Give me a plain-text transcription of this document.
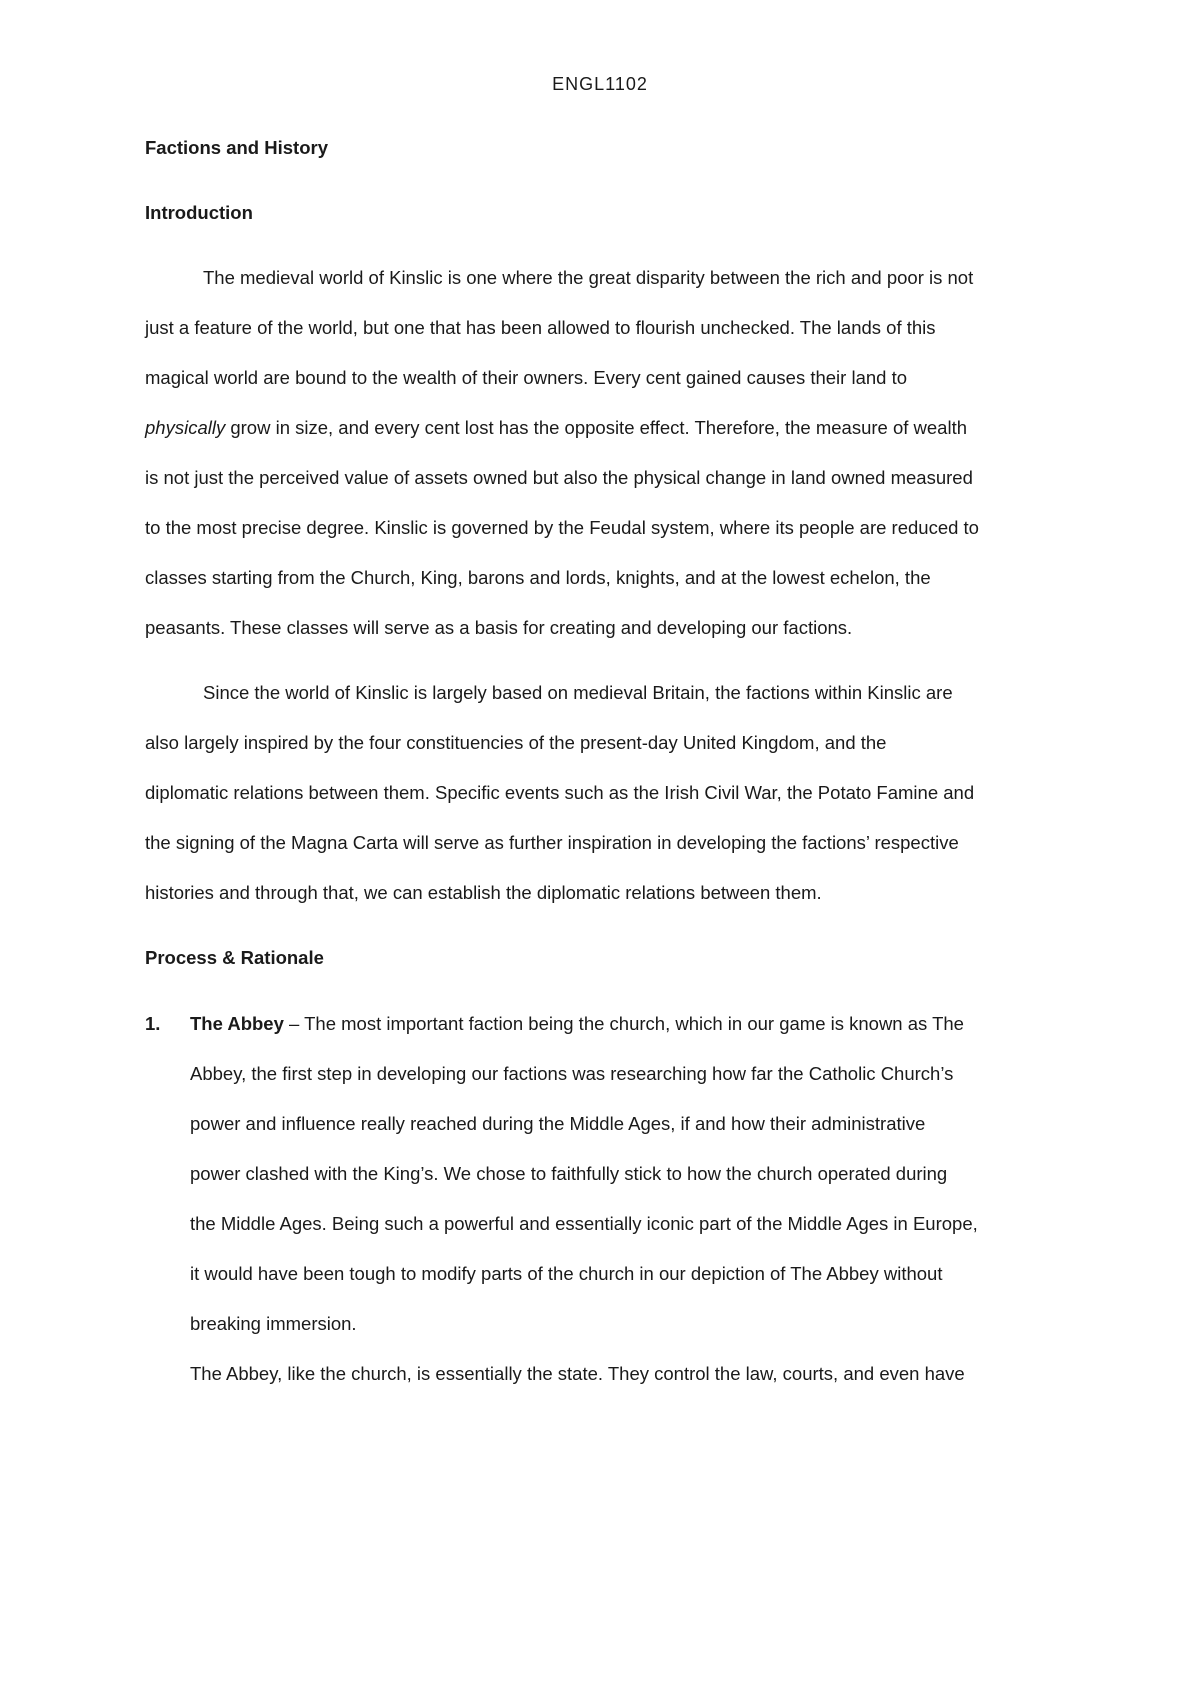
ENGL1102
Factions and History
Introduction
The medieval world of Kinslic is one where the great disparity between the rich and poor is not
just a feature of the world, but one that has been allowed to flourish unchecked. The lands of this
magical world are bound to the wealth of their owners. Every cent gained causes their land to
physically grow in size, and every cent lost has the opposite effect. Therefore, the measure of wealth
is not just the perceived value of assets owned but also the physical change in land owned measured
to the most precise degree. Kinslic is governed by the Feudal system, where its people are reduced to
classes starting from the Church, King, barons and lords, knights, and at the lowest echelon, the
peasants. These classes will serve as a basis for creating and developing our factions.
Since the world of Kinslic is largely based on medieval Britain, the factions within Kinslic are
also largely inspired by the four constituencies of the present-day United Kingdom, and the
diplomatic relations between them. Specific events such as the Irish Civil War, the Potato Famine and
the signing of the Magna Carta will serve as further inspiration in developing the factions’ respective
histories and through that, we can establish the diplomatic relations between them.
Process & Rationale
1. The Abbey – The most important faction being the church, which in our game is known as The
Abbey, the first step in developing our factions was researching how far the Catholic Church’s
power and influence really reached during the Middle Ages, if and how their administrative
power clashed with the King’s. We chose to faithfully stick to how the church operated during
the Middle Ages. Being such a powerful and essentially iconic part of the Middle Ages in Europe,
it would have been tough to modify parts of the church in our depiction of The Abbey without
breaking immersion.
The Abbey, like the church, is essentially the state. They control the law, courts, and even have
